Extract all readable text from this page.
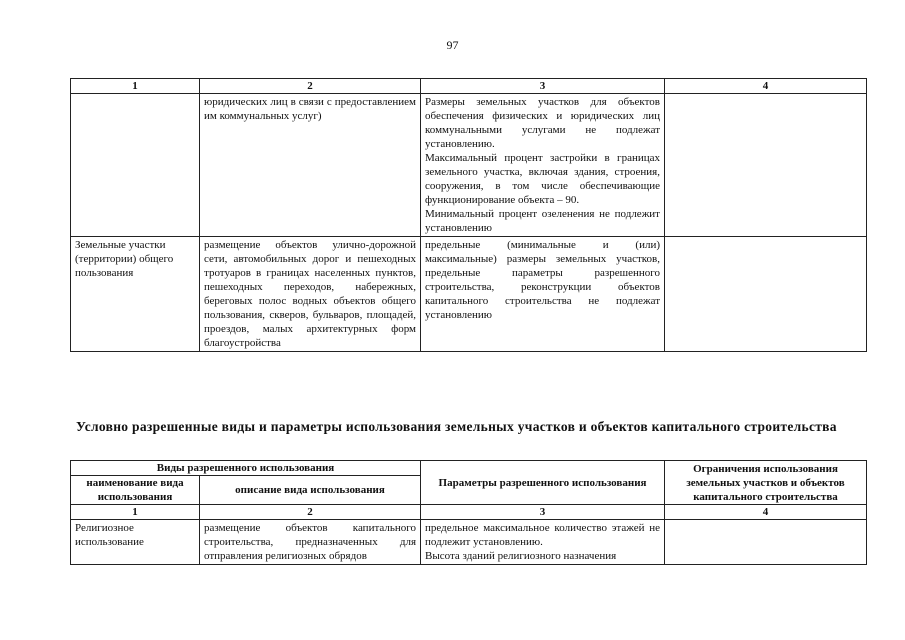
97
1	2	3	4
	юридических лиц в связи с предоставлением им коммунальных услуг)	Размеры земельных участков для объектов обеспечения физических и юридических лиц коммунальными услугами не подлежат установлению.

Максимальный процент застройки в границах земельного участка, включая здания, строения, сооружения, в том числе обеспечивающие функционирование объекта – 90.

Минимальный процент озеленения не подлежит установлению	

Земельные участки (территории) общего пользования	размещение объектов улично-дорожной сети, автомобильных дорог и пешеходных тротуаров в границах населенных пунктов, пешеходных переходов, набережных, береговых полос водных объектов общего пользования, скверов, бульваров, площадей, проездов, малых архитектурных форм благоустройства	предельные (минимальные и (или) максимальные) размеры земельных участков, предельные параметры разрешенного строительства, реконструкции объектов капитального строительства не подлежат установлению	

Условно разрешенные виды и параметры использования земельных участков и объектов капитального строительства
Виды разрешенного использования		Параметры разрешенного использования	Ограничения использования земельных участков и объектов капитального строительства
наименование вида использования	описание вида использования		
1	2	3	4
Религиозное использование	размещение объектов капитального строительства, предназначенных для отправления религиозных обрядов	предельное максимальное количество этажей не подлежит установлению.

Высота зданий религиозного назначения	
